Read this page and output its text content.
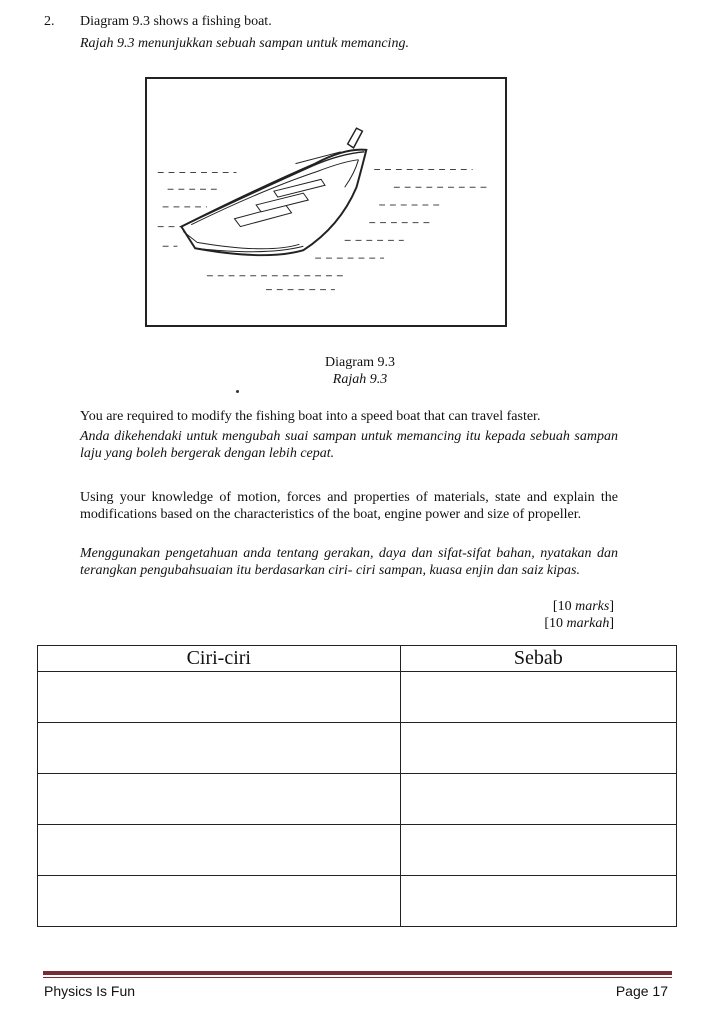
2. Diagram 9.3 shows a fishing boat.
Rajah 9.3 menunjukkan sebuah sampan untuk memancing.
Diagram 9.3
Rajah 9.3
You are required to modify the fishing boat into a speed boat that can travel faster.
Anda dikehendaki untuk mengubah suai sampan untuk memancing itu kepada sebuah sampan laju yang boleh bergerak dengan lebih cepat.
Using your knowledge of motion, forces and properties of materials, state and explain the modifications based on the characteristics of the boat, engine power and size of propeller.
Menggunakan pengetahuan anda tentang gerakan, daya dan sifat-sifat bahan, nyatakan dan terangkan pengubahsuaian itu berdasarkan ciri- ciri sampan, kuasa enjin dan saiz kipas.
[10 marks]
[10 markah]
Ciri-ciri	Sebab

Physics Is Fun	Page 17
